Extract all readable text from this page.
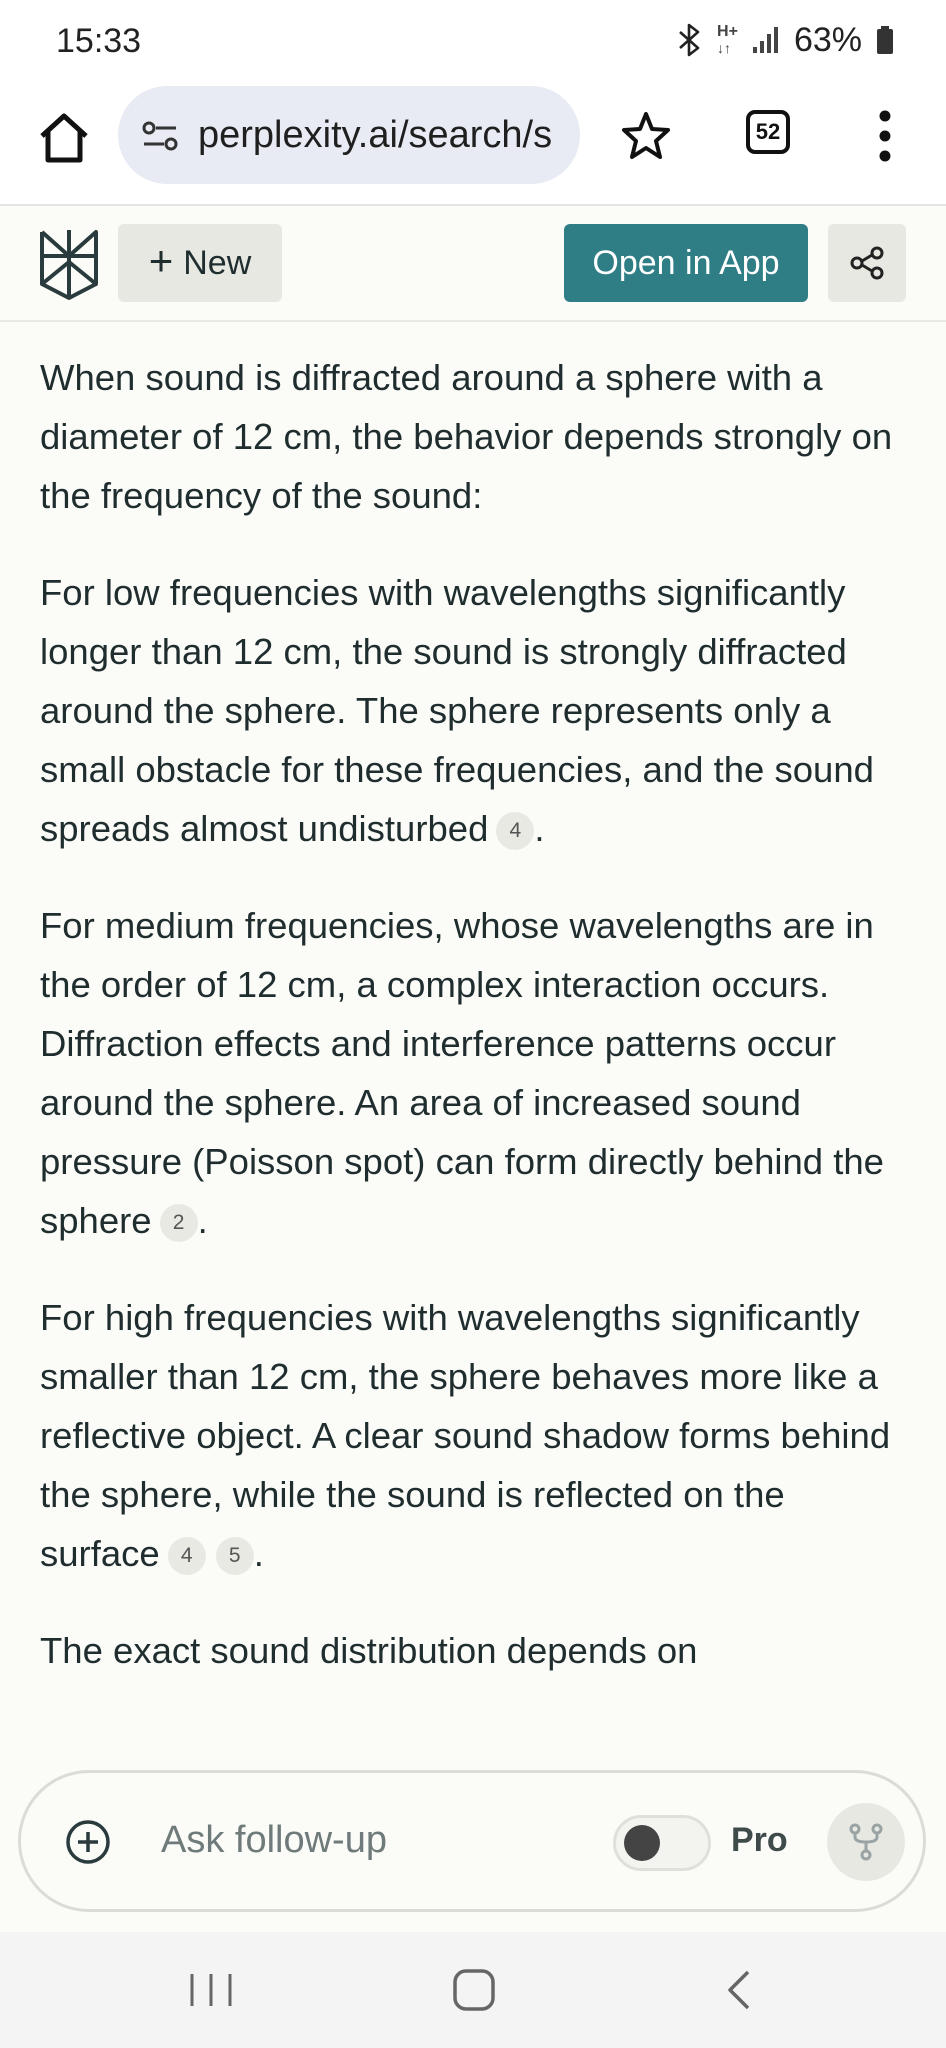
15:33	H+
↓↑ 63%
perplexity.ai/search/s	52
+ New	Open in App

When sound is diffracted around a sphere with a diameter of 12 cm, the behavior depends strongly on the frequency of the sound:

For low frequencies with wavelengths significantly longer than 12 cm, the sound is strongly diffracted around the sphere. The sphere represents only a small obstacle for these frequencies, and the sound spreads almost undisturbed 4 .

For medium frequencies, whose wavelengths are in the order of 12 cm, a complex interaction occurs. Diffraction effects and interference patterns occur around the sphere. An area of increased sound pressure (Poisson spot) can form directly behind the sphere 2 .

For high frequencies with wavelengths significantly smaller than 12 cm, the sphere behaves more like a reflective object. A clear sound shadow forms behind the sphere, while the sound is reflected on the surface 4 5 .

The exact sound distribution depends on

Ask follow-up	Pro
